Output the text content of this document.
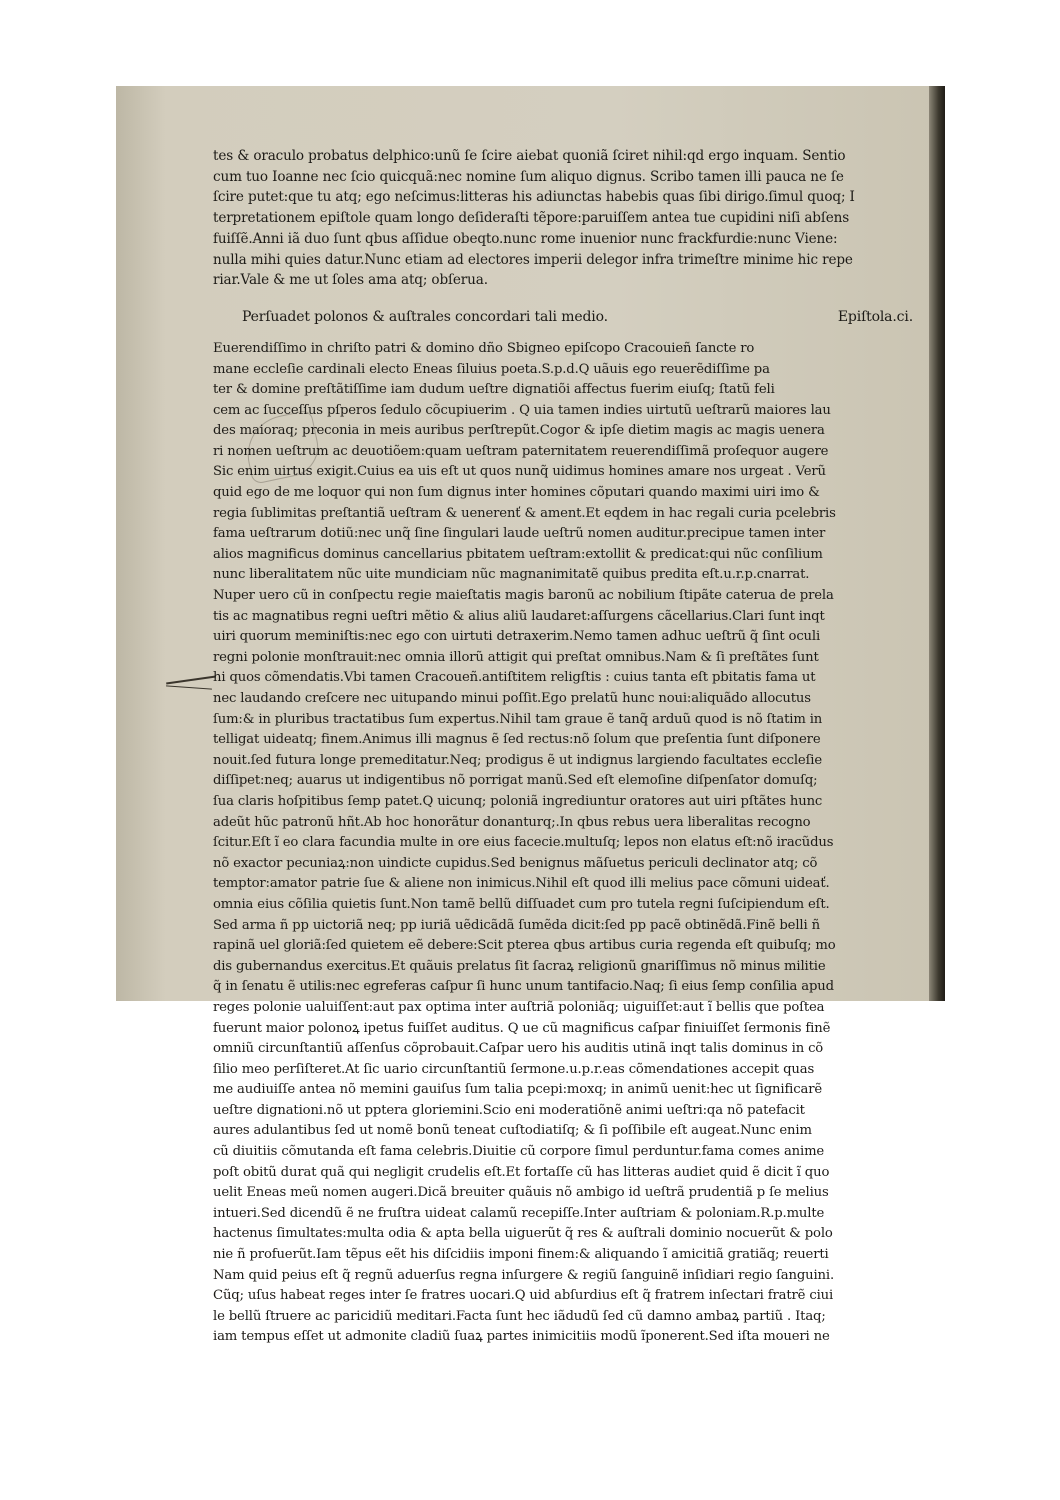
tes & oraculo probatus delphico:unũ ſe ſcire aiebat quoniã ſciret nihil:qd ergo inquam. Sentio
cum tuo Ioanne nec ſcio quicquã:nec nomine ſum aliquo dignus. Scribo tamen illi pauca ne ſe
ſcire putet:que tu atq; ego neſcimus:litteras his adiunctas habebis quas ſibi dirigo.ſimul quoq; I
terpretationem epiſtole quam longo deſideraſti tẽpore:paruiſſem antea tue cupidini niſi abſens
fuiſſẽ.Anni iã duo ſunt qbus aſſidue obeqto.nunc rome inuenior nunc frackfurdie:nunc Viene:
nulla mihi quies datur.Nunc etiam ad electores imperii delegor infra trimeſtre minime hic repe
riar.Vale & me ut ſoles ama atq; obſerua.
Perſuadet polonos & auſtrales concordari tali medio.	Epiſtola.ci.
Euerendiſſimo in chriſto patri & domino dño Sbigneo epiſcopo Cracouieñ ſancte ro
mane eccleſie cardinali electo Eneas ſiluius poeta.S.p.d.Q uãuis ego reuerẽdiſſime pa
ter & domine preſtãtiſſime iam dudum ueſtre dignatiõi affectus fuerim eiuſq; ſtatũ feli
cem ac ſucceſſus pſperos ſedulo cõcupiuerim . Q uia tamen indies uirtutũ ueſtrarũ maiores lau
des maioraq; preconia in meis auribus perſtrepũt.Cogor & ipſe dietim magis ac magis uenera
ri nomen ueſtrum ac deuotiõem:quam ueſtram paternitatem reuerendiſſimã proſequor augere
Sic enim uirtus exigit.Cuius ea uis eſt ut quos nunq̃ uidimus homines amare nos urgeat . Verũ
quid ego de me loquor qui non ſum dignus inter homines cõputari quando maximi uiri imo &
regia ſublimitas preſtantiã ueſtram & uenerenť & ament.Et eqdem in hac regali curia pcelebris
fama ueſtrarum dotiũ:nec unq̃ ſine ſingulari laude ueſtrũ nomen auditur.precipue tamen inter
alios magnificus dominus cancellarius pbitatem ueſtram:extollit & predicat:qui nũc conſilium
nunc liberalitatem nũc uite mundiciam nũc magnanimitatẽ quibus predita eſt.u.r.p.cnarrat.
Nuper uero cũ in conſpectu regie maieſtatis magis baronũ ac nobilium ſtipãte caterua de prela
tis ac magnatibus regni ueſtri mẽtio & alius aliũ laudaret:aſſurgens cãcellarius.Clari ſunt inqt
uiri quorum meminiſtis:nec ego con uirtuti detraxerim.Nemo tamen adhuc ueſtrũ q̃ ſint oculi
regni polonie monſtrauit:nec omnia illorũ attigit qui preſtat omnibus.Nam & ſi preſtãtes ſunt
hi quos cõmendatis.Vbi tamen Cracoueñ.antiſtitem religſtis : cuius tanta eſt pbitatis fama ut
nec laudando creſcere nec uitupando minui poſſit.Ego prelatũ hunc noui:aliquãdo allocutus
ſum:& in pluribus tractatibus ſum expertus.Nihil tam graue ẽ tanq̃ arduũ quod is nõ ſtatim in
telligat uideatq; finem.Animus illi magnus ẽ ſed rectus:nõ ſolum que preſentia ſunt diſponere
nouit.ſed futura longe premeditatur.Neq; prodigus ẽ ut indignus largiendo facultates eccleſie
diſſipet:neq; auarus ut indigentibus nõ porrigat manũ.Sed eſt elemoſine diſpenſator domuſq;
ſua claris hoſpitibus ſemp patet.Q uicunq; poloniã ingrediuntur oratores aut uiri pſtãtes hunc
adeũt hũc patronũ hñt.Ab hoc honorãtur donanturq;.In qbus rebus uera liberalitas recogno
ſcitur.Eſt ĩ eo clara facundia multe in ore eius facecie.multuſq; lepos non elatus eſt:nõ iracũdus
nõ exactor pecuniaꝝ:non uindicte cupidus.Sed benignus mãſuetus periculi declinator atq; cõ
temptor:amator patrie ſue & aliene non inimicus.Nihil eſt quod illi melius pace cõmuni uideať.
omnia eius cõſilia quietis ſunt.Non tamẽ bellũ diſſuadet cum pro tutela regni ſuſcipiendum eſt.
Sed arma ñ pp uictoriã neq; pp iuriã uẽdicãdã ſumẽda dicit:ſed pp pacẽ obtinẽdã.Finẽ belli ñ
rapinã uel gloriã:ſed quietem eẽ debere:Scit pterea qbus artibus curia regenda eſt quibuſq; mo
dis gubernandus exercitus.Et quãuis prelatus ſit ſacraꝝ religionũ gnariſſimus nõ minus militie
q̃ in ſenatu ẽ utilis:nec egreferas caſpur ſi hunc unum tantifacio.Naq; ſi eius ſemp conſilia apud
reges polonie ualuiſſent:aut pax optima inter auſtriã poloniãq; uiguiſſet:aut ĩ bellis que poſtea
fuerunt maior polonoꝝ ipetus fuiſſet auditus. Q ue cũ magnificus caſpar finiuiſſet ſermonis finẽ
omniũ circunſtantiũ aſſenſus cõprobauit.Caſpar uero his auditis utinã inqt talis dominus in cõ
ſilio meo perſiſteret.At ſic uario circunſtantiũ ſermone.u.p.r.eas cõmendationes accepit quas
me audiuiſſe antea nõ memini gauiſus ſum talia pcepi:moxq; in animũ uenit:hec ut ſignificarẽ
ueſtre dignationi.nõ ut pptera gloriemini.Scio eni moderatiõnẽ animi ueſtri:qa nõ patefacit
aures adulantibus ſed ut nomẽ bonũ teneat cuſtodiatiſq; & ſi poſſibile eſt augeat.Nunc enim
cũ diuitiis cõmutanda eſt fama celebris.Diuitie cũ corpore ſimul perduntur.fama comes anime
poſt obitũ durat quã qui negligit crudelis eſt.Et fortaſſe cũ has litteras audiet quid ẽ dicit ĩ quo
uelit Eneas meũ nomen augeri.Dicã breuiter quãuis nõ ambigo id ueſtrã prudentiã p ſe melius
intueri.Sed dicendũ ẽ ne fruſtra uideat calamũ recepiſſe.Inter auſtriam & poloniam.R.p.multe
hactenus ſimultates:multa odia & apta bella uiguerũt q̃ res & auſtrali dominio nocuerũt & polo
nie ñ profuerũt.Iam tẽpus eẽt his diſcidiis imponi finem:& aliquando ĩ amicitiã gratiãq; reuerti
Nam quid peius eſt q̃ regnũ aduerſus regna inſurgere & regiũ ſanguinẽ inſidiari regio ſanguini.
Cũq; uſus habeat reges inter ſe fratres uocari.Q uid abſurdius eſt q̃ fratrem inſectari fratrẽ ciui
le bellũ ſtruere ac paricidiũ meditari.Facta ſunt hec iãdudũ ſed cũ damno ambaꝝ partiũ . Itaq;
iam tempus eſſet ut admonite cladiũ ſuaꝝ partes inimicitiis modũ ĩponerent.Sed iſta moueri ne
